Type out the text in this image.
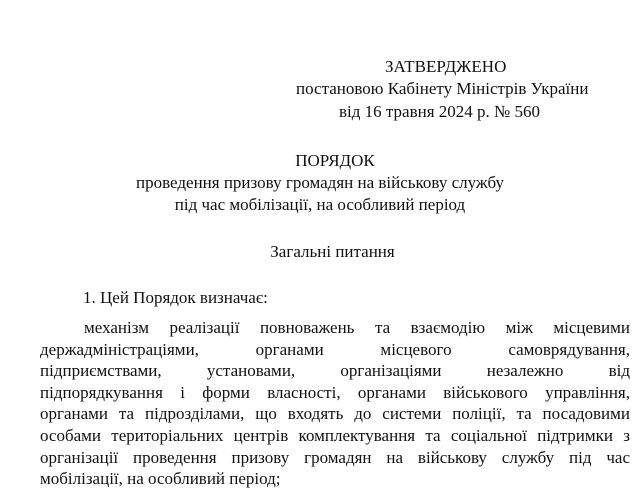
ЗАТВЕРДЖЕНО
постановою Кабінету Міністрів України
від 16 травня 2024 р. № 560
ПОРЯДОК
проведення призову громадян на військову службу
під час мобілізації, на особливий період
Загальні питання
1. Цей Порядок визначає:
механізм реалізації повноважень та взаємодію між місцевими
держадміністраціями, органами місцевого самоврядування,
підприємствами, установами, організаціями незалежно від
підпорядкування і форми власності, органами військового управління,
органами та підрозділами, що входять до системи поліції, та посадовими
особами територіальних центрів комплектування та соціальної підтримки з
організації проведення призову громадян на військову службу під час
мобілізації, на особливий період;
